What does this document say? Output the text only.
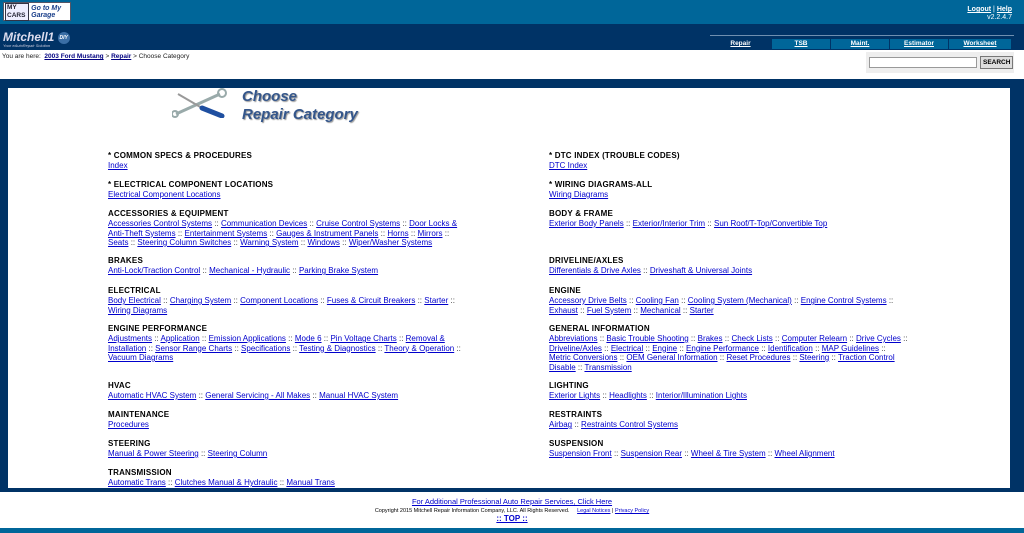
MY CARS
Go to My Garage
Logout | Help
v2.2.4.7
Mitchell1 DIY
Your eAutoRepair Solution	Repair	TSB	Maint.	Estimator	Worksheet
You are here: 2003 Ford Mustang > Repair > Choose Category
SEARCH
Choose
Repair Category
* COMMON SPECS & PROCEDURES
Index
* DTC INDEX (TROUBLE CODES)
DTC Index
* ELECTRICAL COMPONENT LOCATIONS
Electrical Component Locations
* WIRING DIAGRAMS-ALL
Wiring Diagrams
ACCESSORIES & EQUIPMENT
Accessories Control Systems :: Communication Devices :: Cruise Control Systems :: Door Locks & Anti-Theft Systems :: Entertainment Systems :: Gauges & Instrument Panels :: Horns :: Mirrors :: Seats :: Steering Column Switches :: Warning System :: Windows :: Wiper/Washer Systems
BODY & FRAME
Exterior Body Panels :: Exterior/Interior Trim :: Sun Roof/T-Top/Convertible Top
BRAKES
Anti-Lock/Traction Control :: Mechanical - Hydraulic :: Parking Brake System
DRIVELINE/AXLES
Differentials & Drive Axles :: Driveshaft & Universal Joints
ELECTRICAL
Body Electrical :: Charging System :: Component Locations :: Fuses & Circuit Breakers :: Starter :: Wiring Diagrams
ENGINE
Accessory Drive Belts :: Cooling Fan :: Cooling System (Mechanical) :: Engine Control Systems :: Exhaust :: Fuel System :: Mechanical :: Starter
ENGINE PERFORMANCE
Adjustments :: Application :: Emission Applications :: Mode 6 :: Pin Voltage Charts :: Removal & Installation :: Sensor Range Charts :: Specifications :: Testing & Diagnostics :: Theory & Operation :: Vacuum Diagrams
GENERAL INFORMATION
Abbreviations :: Basic Trouble Shooting :: Brakes :: Check Lists :: Computer Relearn :: Drive Cycles :: Driveline/Axles :: Electrical :: Engine :: Engine Performance :: Identification :: MAP Guidelines :: Metric Conversions :: OEM General Information :: Reset Procedures :: Steering :: Traction Control Disable :: Transmission
HVAC
Automatic HVAC System :: General Servicing - All Makes :: Manual HVAC System
LIGHTING
Exterior Lights :: Headlights :: Interior/Illumination Lights
MAINTENANCE
Procedures
RESTRAINTS
Airbag :: Restraints Control Systems
STEERING
Manual & Power Steering :: Steering Column
SUSPENSION
Suspension Front :: Suspension Rear :: Wheel & Tire System :: Wheel Alignment
TRANSMISSION
Automatic Trans :: Clutches Manual & Hydraulic :: Manual Trans
For Additional Professional Auto Repair Services, Click Here
Copyright 2015 Mitchell Repair Information Company, LLC. All Rights Reserved. Legal Notices | Privacy Policy
:: TOP ::
